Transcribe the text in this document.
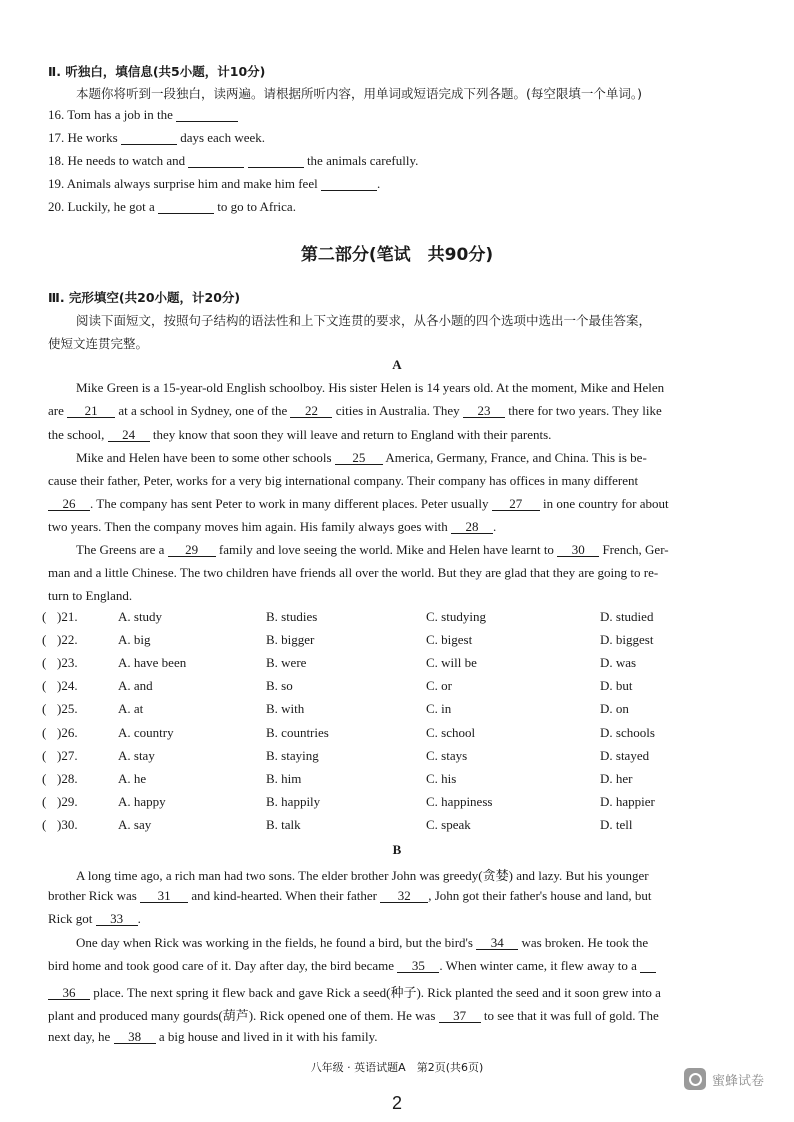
Ⅱ. 听独白，填信息(共5小题，计10分)
本题你将听到一段独白，读两遍。请根据所听内容，用单词或短语完成下列各题。(每空限填一个单词。)
16. Tom has a job in the
17. He works	days each week.
18. He needs to watch and	the animals carefully.
19. Animals always surprise him and make him feel	.
20. Luckily, he got a	to go to Africa.
第二部分(笔试　共90分)
Ⅲ. 完形填空(共20小题，计20分)
阅读下面短文，按照句子结构的语法性和上下文连贯的要求，从各小题的四个选项中选出一个最佳答案，
使短文连贯完整。
A
Mike Green is a 15-year-old English schoolboy. His sister Helen is 14 years old. At the moment, Mike and Helen
are 21 at a school in Sydney, one of the 22 cities in Australia. They 23 there for two years. They like
the school, 24 they know that soon they will leave and return to England with their parents.
Mike and Helen have been to some other schools 25 America, Germany, France, and China. This is be-
cause their father, Peter, works for a very big international company. Their company has offices in many different
26 . The company has sent Peter to work in many different places. Peter usually 27 in one country for about
two years. Then the company moves him again. His family always goes with 28 .
The Greens are a 29 family and love seeing the world. Mike and Helen have learnt to 30 French, Ger-
man and a little Chinese. The two children have friends all over the world. But they are glad that they are going to re-
turn to England.
( )21.	A. study	B. studies	C. studying	D. studied
( )22.	A. big	B. bigger	C. bigest	D. biggest
( )23.	A. have been	B. were	C. will be	D. was
( )24.	A. and	B. so	C. or	D. but
( )25.	A. at	B. with	C. in	D. on
( )26.	A. country	B. countries	C. school	D. schools
( )27.	A. stay	B. staying	C. stays	D. stayed
( )28.	A. he	B. him	C. his	D. her
( )29.	A. happy	B. happily	C. happiness	D. happier
( )30.	A. say	B. talk	C. speak	D. tell
B
A long time ago, a rich man had two sons. The elder brother John was greedy(贪婪) and lazy. But his younger
brother Rick was 31 and kind-hearted. When their father 32 , John got their father's house and land, but
Rick got 33 .
One day when Rick was working in the fields, he found a bird, but the bird's 34 was broken. He took the
bird home and took good care of it. Day after day, the bird became 35 . When winter came, it flew away to a
36 place. The next spring it flew back and gave Rick a seed(种子). Rick planted the seed and it soon grew into a
plant and produced many gourds(葫芦). Rick opened one of them. He was 37 to see that it was full of gold. The
next day, he 38 a big house and lived in it with his family.
八年级 · 英语试题A　第2页(共6页)
2
蜜蜂试卷
